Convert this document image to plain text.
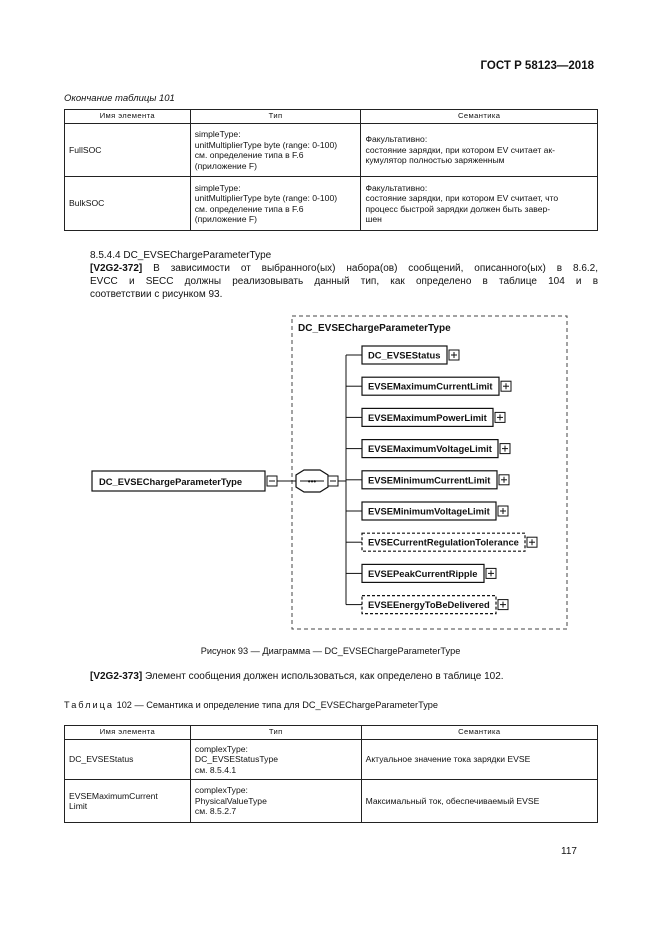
ГОСТ Р 58123—2018
Окончание таблицы 101
Имя элемента	Тип	Семантика
FullSOC	simpleType:
unitMultiplierType byte (range: 0-100)
см. определение типа в F.6
(приложение F)	Факультативно:
состояние зарядки, при котором EV считает ак-
кумулятор полностью заряженным
BulkSOC	simpleType:
unitMultiplierType byte (range: 0-100)
см. определение типа в F.6
(приложение F)	Факультативно:
состояние зарядки, при котором EV считает, что
процесс быстрой зарядки должен быть завер-
шен
8.5.4.4 DC_EVSEChargeParameterType
[V2G2-372] В зависимости от выбранного(ых) набора(ов) сообщений, описанного(ых) в 8.6.2,
EVCC и SECC должны реализовывать данный тип, как определено в таблице 104 и в
соответствии с рисунком 93.
DC_EVSEChargeParameterType
DC_EVSEChargeParameterType	•••
DC_EVSEStatus
EVSEMaximumCurrentLimit
EVSEMaximumPowerLimit
EVSEMaximumVoltageLimit
EVSEMinimumCurrentLimit
EVSEMinimumVoltageLimit
EVSECurrentRegulationTolerance
EVSEPeakCurrentRipple
EVSEEnergyToBeDelivered
Рисунок 93 — Диаграмма — DC_EVSEChargeParameterType
[V2G2-373] Элемент сообщения должен использоваться, как определено в таблице 102.
Таблица 102 — Семантика и определение типа для DC_EVSEChargeParameterType
Имя элемента	Тип	Семантика
DC_EVSEStatus	complexType:
DC_EVSEStatusType
см. 8.5.4.1	Актуальное значение тока зарядки EVSE
EVSEMaximumCurrent
Limit	complexType:
PhysicalValueType
см. 8.5.2.7	Максимальный ток, обеспечиваемый EVSE
117
